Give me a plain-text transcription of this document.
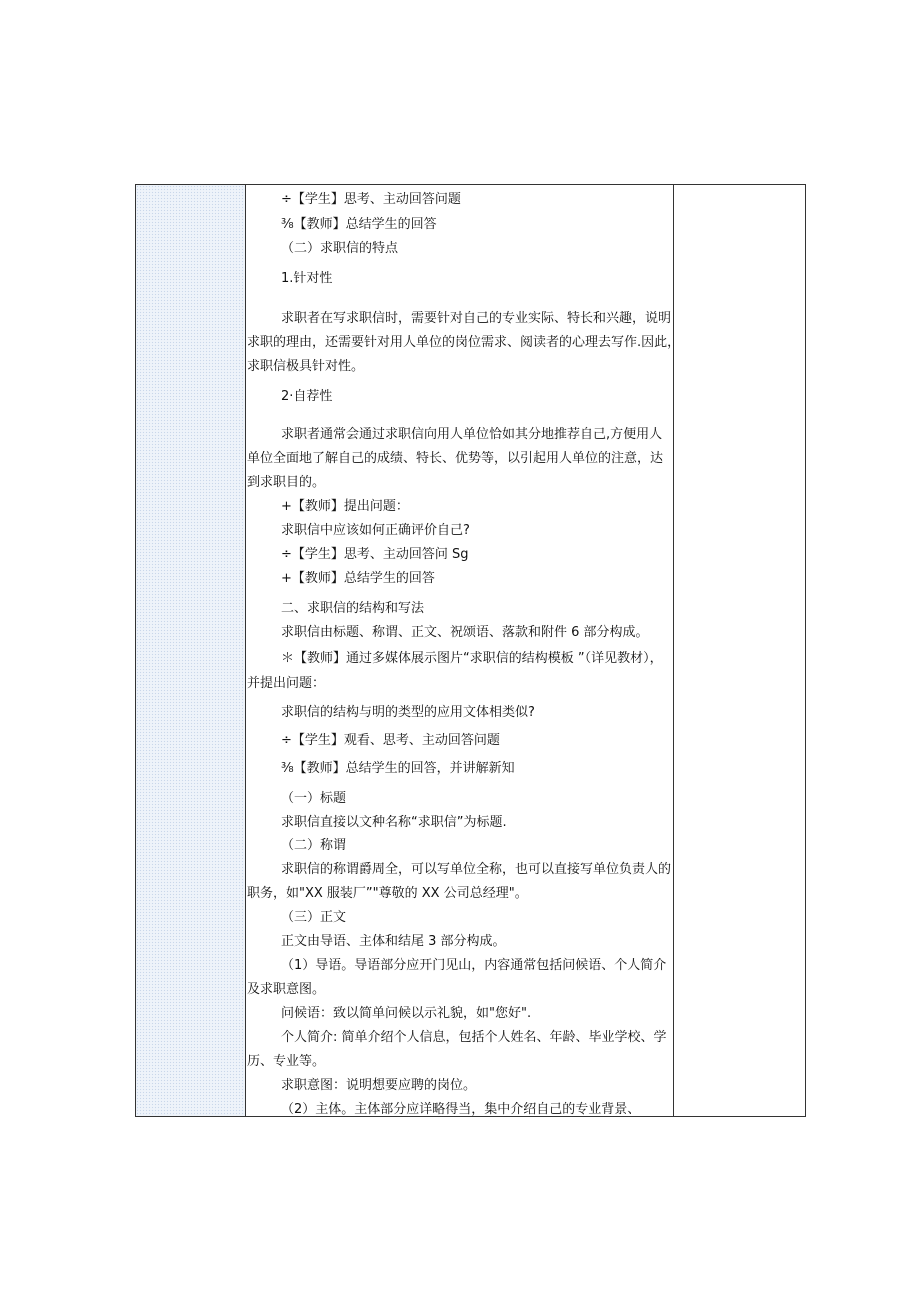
÷【学生】思考、主动回答问题
⅜【教师】总结学生的回答
（二）求职信的特点
1.针对性
求职者在写求职信时，需要针对自己的专业实际、特长和兴趣，说明
求职的理由，还需要针对用人单位的岗位需求、阅读者的心理去写作.因此，
求职信极具针对性。
2·自荐性
求职者通常会通过求职信向用人单位恰如其分地推荐自己,方便用人
单位全面地了解自己的成绩、特长、优势等，以引起用人单位的注意，达
到求职目的。
+【教师】提出问题：
求职信中应该如何正确评价自己?
÷【学生】思考、主动回答问 Sg
+【教师】总结学生的回答
二、求职信的结构和写法
求职信由标题、称谓、正文、祝颂语、落款和附件 6 部分构成。
＊【教师】通过多媒体展示图片“求职信的结构模板 ”（详见教材），
并提出问题：
求职信的结构与明的类型的应用文体相类似?
÷【学生】观看、思考、主动回答问题
⅜【教师】总结学生的回答，并讲解新知
（一）标题
求职信直接以文种名称“求职信”为标题.
（二）称谓
求职信的称谓爵周全，可以写单位全称，也可以直接写单位负责人的
职务，如"XX 服装厂”"尊敬的 XX 公司总经理"。
（三）正文
正文由导语、主体和结尾 3 部分构成。
（1）导语。导语部分应开门见山，内容通常包括问候语、个人简介
及求职意图。
问候语：致以简单问候以示礼貌，如"您好".
个人简介: 简单介绍个人信息，包括个人姓名、年龄、毕业学校、学
历、专业等。
求职意图：说明想要应聘的岗位。
（2）主体。主体部分应详略得当，集中介绍自己的专业背景、
